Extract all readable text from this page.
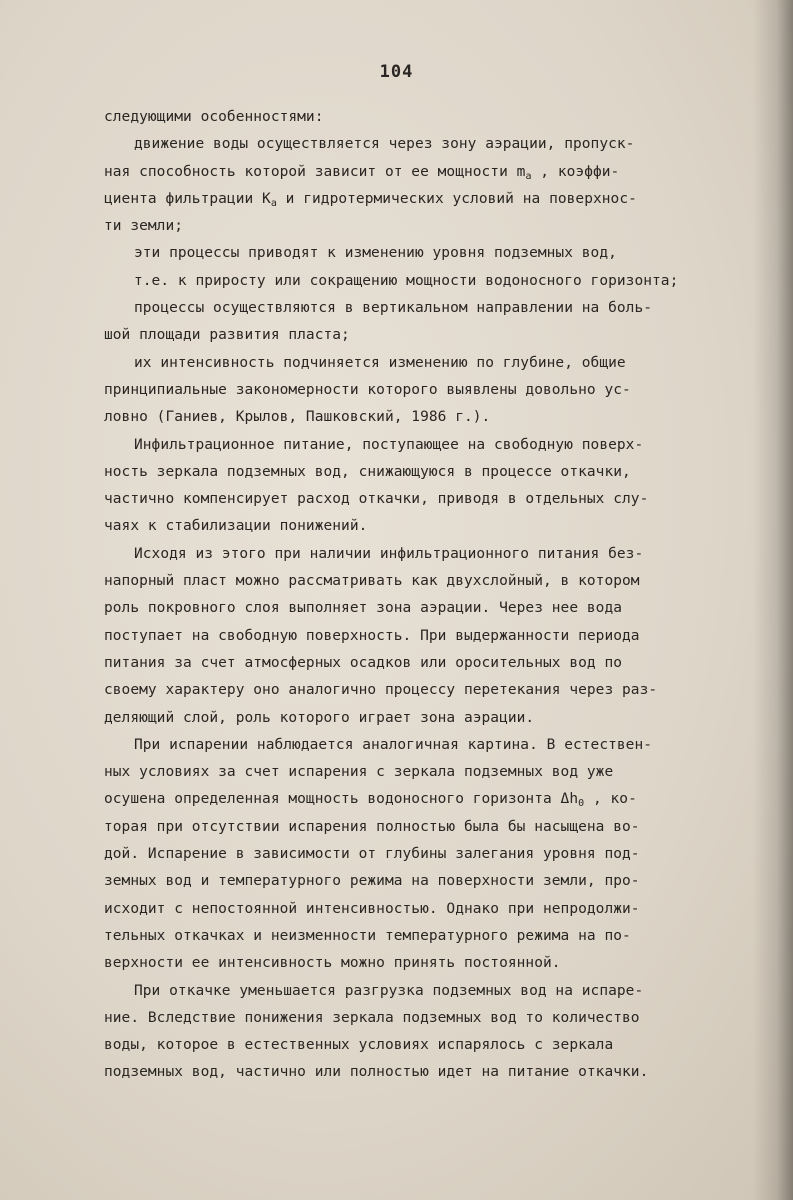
104
следующими особенностями:
движение воды осуществляется через зону аэрации, пропуск-
ная способность которой зависит от ее мощности $m_a$ , коэффи-
циента фильтрации $K_a$ и гидротермических условий на поверхнос-
ти земли;
эти процессы приводят к изменению уровня подземных вод,
т.е. к приросту или сокращению мощности водоносного горизонта;
процессы осуществляются в вертикальном направлении на боль-
шой площади развития пласта;
их интенсивность подчиняется изменению по глубине, общие
принципиальные закономерности которого выявлены довольно ус-
ловно (Ганиев, Крылов, Пашковский, 1986 г.).
Инфильтрационное питание, поступающее на свободную поверх-
ность зеркала подземных вод, снижающуюся в процессе откачки,
частично компенсирует расход откачки, приводя в отдельных слу-
чаях к стабилизации понижений.
Исходя из этого при наличии инфильтрационного питания без-
напорный пласт можно рассматривать как двухслойный, в котором
роль покровного слоя выполняет зона аэрации. Через нее вода
поступает на свободную поверхность. При выдержанности периода
питания за счет атмосферных осадков или оросительных вод по
своему характеру оно аналогично процессу перетекания через раз-
деляющий слой, роль которого играет зона аэрации.
При испарении наблюдается аналогичная картина. В естествен-
ных условиях за счет испарения с зеркала подземных вод уже
осушена определенная мощность водоносного горизонта $\Delta h_0$ , ко-
торая при отсутствии испарения полностью была бы насыщена во-
дой. Испарение в зависимости от глубины залегания уровня под-
земных вод и температурного режима на поверхности земли, про-
исходит с непостоянной интенсивностью. Однако при непродолжи-
тельных откачках и неизменности температурного режима на по-
верхности ее интенсивность можно принять постоянной.
При откачке уменьшается разгрузка подземных вод на испаре-
ние. Вследствие понижения зеркала подземных вод то количество
воды, которое в естественных условиях испарялось с зеркала
подземных вод, частично или полностью идет на питание откачки.
